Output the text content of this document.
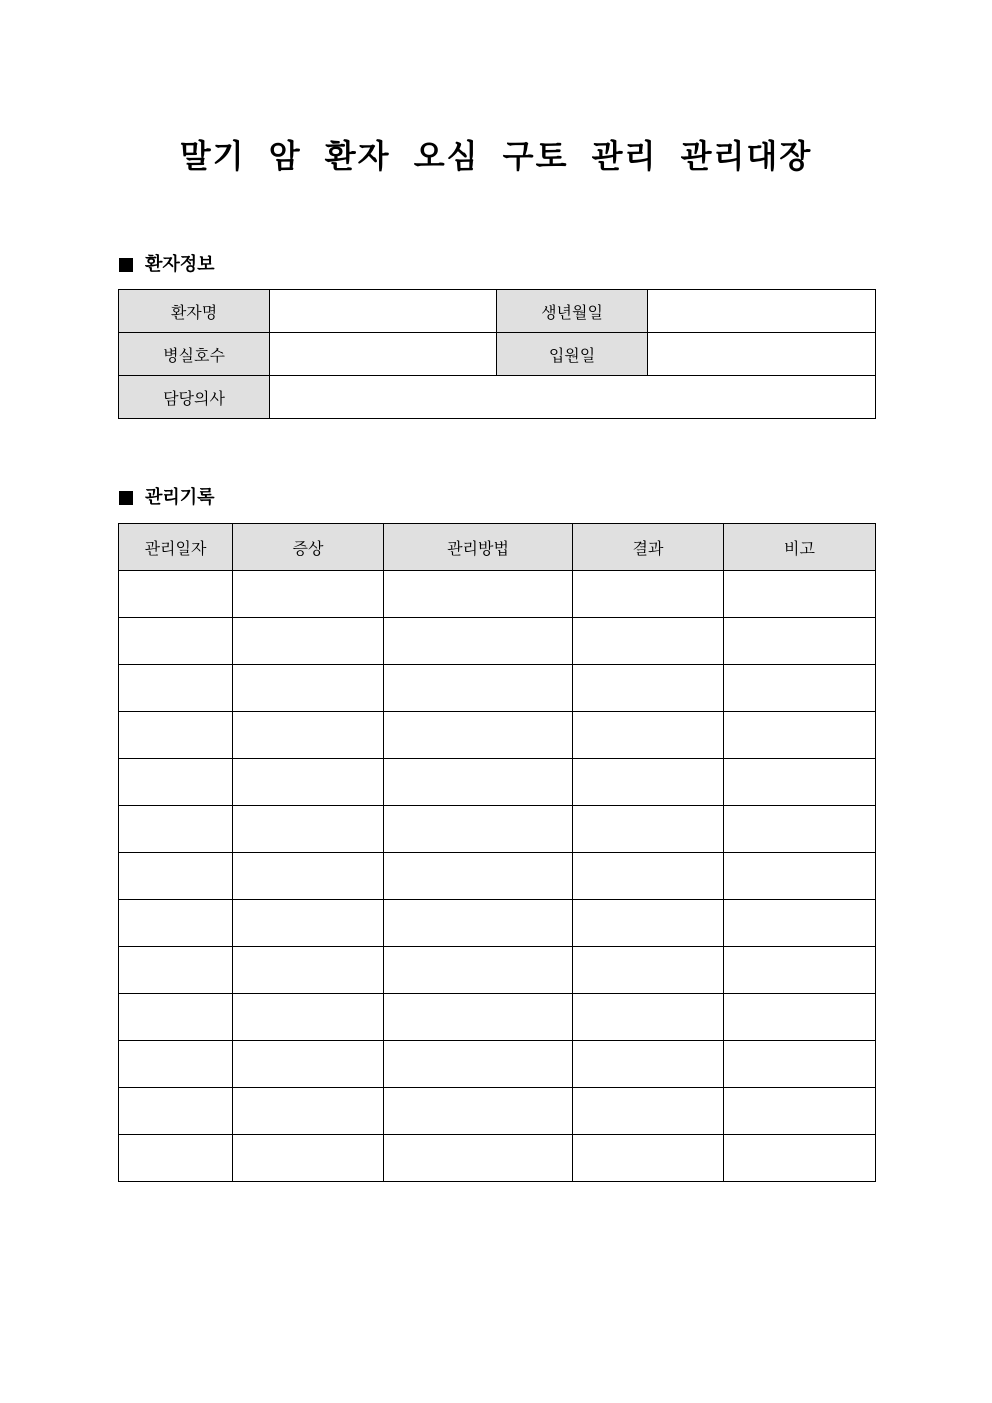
말기 암 환자 오심 구토 관리 관리대장
환자정보
환자명		생년월일	
병실호수		입원일	
담당의사			
관리기록
관리일자	증상	관리방법	결과	비고
